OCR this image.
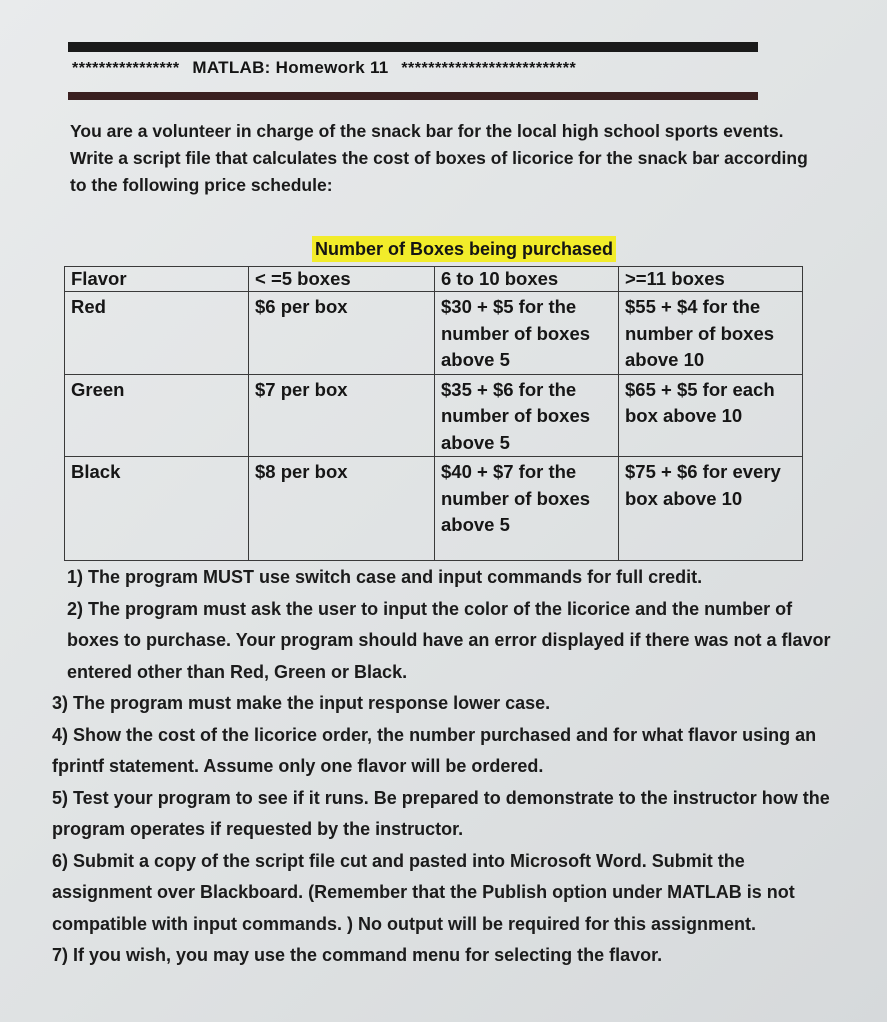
**************** MATLAB: Homework 11 **************************
You are a volunteer in charge of the snack bar for the local high school sports events. Write a script file that calculates the cost of boxes of licorice for the snack bar according to the following price schedule:
Number of Boxes being purchased
Flavor	< =5 boxes	6 to 10 boxes	>=11 boxes
Red	$6 per box	$30 + $5 for the number of boxes above 5	$55 + $4 for the number of boxes above 10
Green	$7 per box	$35 + $6 for the number of boxes above 5	$65 + $5 for each box above 10
Black	$8 per box	$40 + $7 for the number of boxes above 5	$75 + $6 for every box above 10

1) The program MUST use switch case and input commands for full credit.

2) The program must ask the user to input the color of the licorice and the number of boxes to purchase. Your program should have an error displayed if there was not a flavor entered other than Red, Green or Black.

3) The program must make the input response lower case.

4) Show the cost of the licorice order, the number purchased and for what flavor using an fprintf statement. Assume only one flavor will be ordered.

5) Test your program to see if it runs. Be prepared to demonstrate to the instructor how the program operates if requested by the instructor.

6) Submit a copy of the script file cut and pasted into Microsoft Word. Submit the assignment over Blackboard. (Remember that the Publish option under MATLAB is not compatible with input commands. ) No output will be required for this assignment.

7) If you wish, you may use the command menu for selecting the flavor.
